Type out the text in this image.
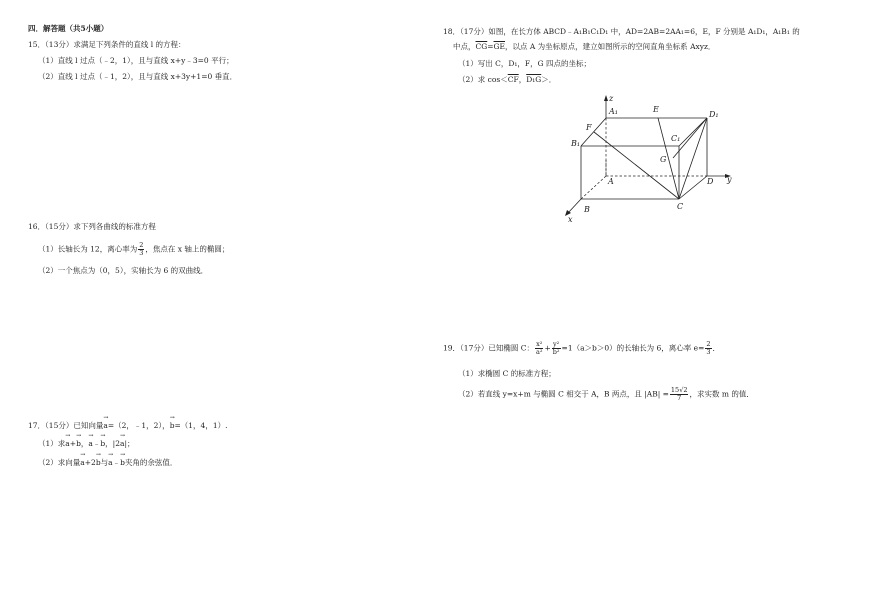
四．解答题（共5小题）
15．（13分）求满足下列条件的直线 l 的方程：
（1）直线 l 过点（﹣2，1），且与直线 x+y﹣3=0 平行；
（2）直线 l 过点（﹣1，2），且与直线 x+3y+1=0 垂直．
16．（15分）求下列各曲线的标准方程
（1）长轴长为 12，离心率为 $\frac{2}{3}$ ，焦点在 x 轴上的椭圆；
（2）一个焦点为（0，5），实轴长为 6 的双曲线．
17．（15分）已知向量→ a=（2，﹣1，2），→ b=（1，4，1）.
（1）求→ a+→ b，→ a﹣→ b，|2→ a|；
（2）求向量→ a+2→ b与→ a﹣→ b夹角的余弦值．
18．（17分）如图，在长方体 ABCD﹣A₁B₁C₁D₁ 中，AD=2AB=2AA₁=6，E，F 分别是 A₁D₁，A₁B₁ 的
中点，$\overline{CG}=\overline{GE}$，以点 A 为坐标原点，建立如图所示的空间直角坐标系 Axyz．
（1）写出 C，D₁，F，G 四点的坐标；
（2）求 $\cos<\overline{CF}$，D₁G＞．
z
A₁	E
D₁
F
B₁
C₁
G
A	D y
B	C
x
19．（17分）已知椭圆 C： $\frac{\text{x²}}{\text{a²}} + \frac{\text{y²}}{\text{b²}} =1(a>b>0)$的长轴长为 6，离心率 $e= \frac{2}{3}$ ．
（1）求椭圆 C 的标准方程；
（2）若直线 y=x+m 与椭圆 C 相交于 A，B 两点，且 $|AB| = \frac{15√2}{7}$ ，求实数 m 的值．
